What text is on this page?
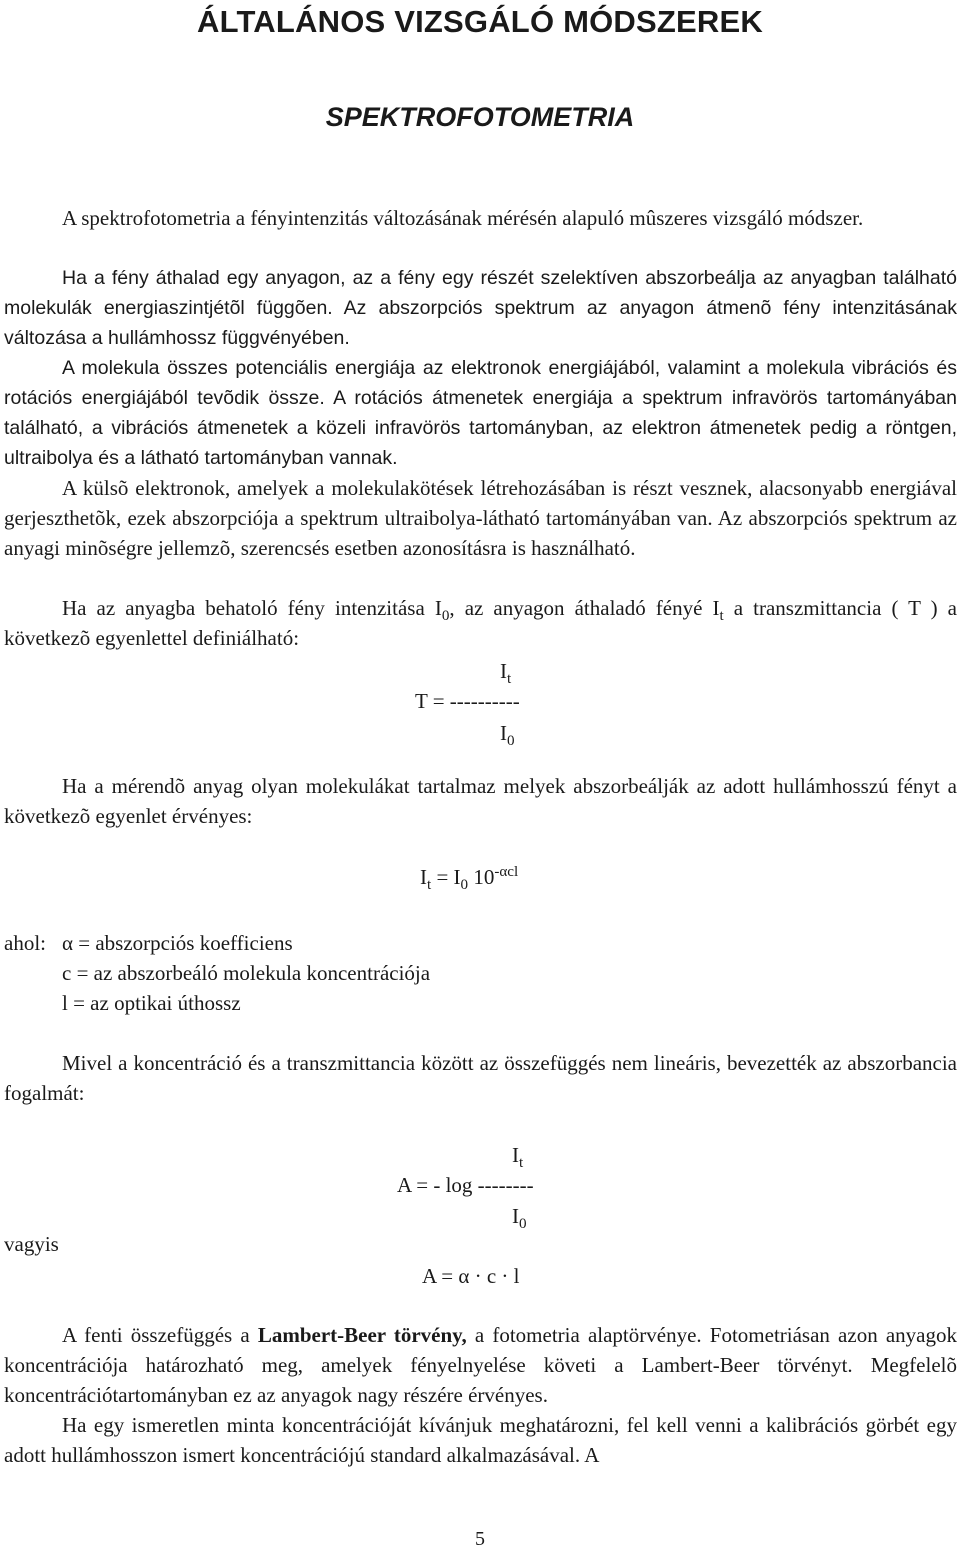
ÁLTALÁNOS VIZSGÁLÓ MÓDSZEREK
SPEKTROFOTOMETRIA

A spektrofotometria a fényintenzitás változásának mérésén alapuló mûszeres vizsgáló módszer.

Ha a fény áthalad egy anyagon, az a fény egy részét szelektíven abszorbeálja az anyagban található molekulák energiaszintjétõl függõen. Az abszorpciós spektrum az anyagon átmenõ fény intenzitásának változása a hullámhossz függvényében.

A molekula összes potenciális energiája az elektronok energiájából, valamint a molekula vibrációs és rotációs energiájából tevõdik össze. A rotációs átmenetek energiája a spektrum infravörös tartományában található, a vibrációs átmenetek a közeli infravörös tartományban, az elektron átmenetek pedig a röntgen, ultraibolya és a látható tartományban vannak.

A külsõ elektronok, amelyek a molekulakötések létrehozásában is részt vesznek, alacsonyabb energiával gerjeszthetõk, ezek abszorpciója a spektrum ultraibolya-látható tartományában van. Az abszorpciós spektrum az anyagi minõségre jellemzõ, szerencsés esetben azonosításra is használható.

Ha az anyagba behatoló fény intenzitása $I_0$, az anyagon áthaladó fényé $I_t$ a transzmittancia ( T ) a következõ egyenlettel definiálható:

$I_t$
T = ----------
$I_0$

Ha a mérendõ anyag olyan molekulákat tartalmaz melyek abszorbeálják az adott hullámhosszú fényt a következõ egyenlet érvényes:

$I_t = I_0$ $10^{-\alpha cl}$
ahol: α = abszorpciós koefficiens
c = az abszorbeáló molekula koncentrációja
l = az optikai úthossz

Mivel a koncentráció és a transzmittancia között az összefüggés nem lineáris, bevezették az abszorbancia fogalmát:

$I_t$
A = - log --------
$I_0$
vagyis
A = α · c · l

A fenti összefüggés a Lambert-Beer törvény, a fotometria alaptörvénye. Fotometriásan azon anyagok koncentrációja határozható meg, amelyek fényelnyelése követi a Lambert-Beer törvényt. Megfelelõ koncentrációtartományban ez az anyagok nagy részére érvényes.

Ha egy ismeretlen minta koncentrációját kívánjuk meghatározni, fel kell venni a kalibrációs görbét egy adott hullámhosszon ismert koncentrációjú standard alkalmazásával. A

5
